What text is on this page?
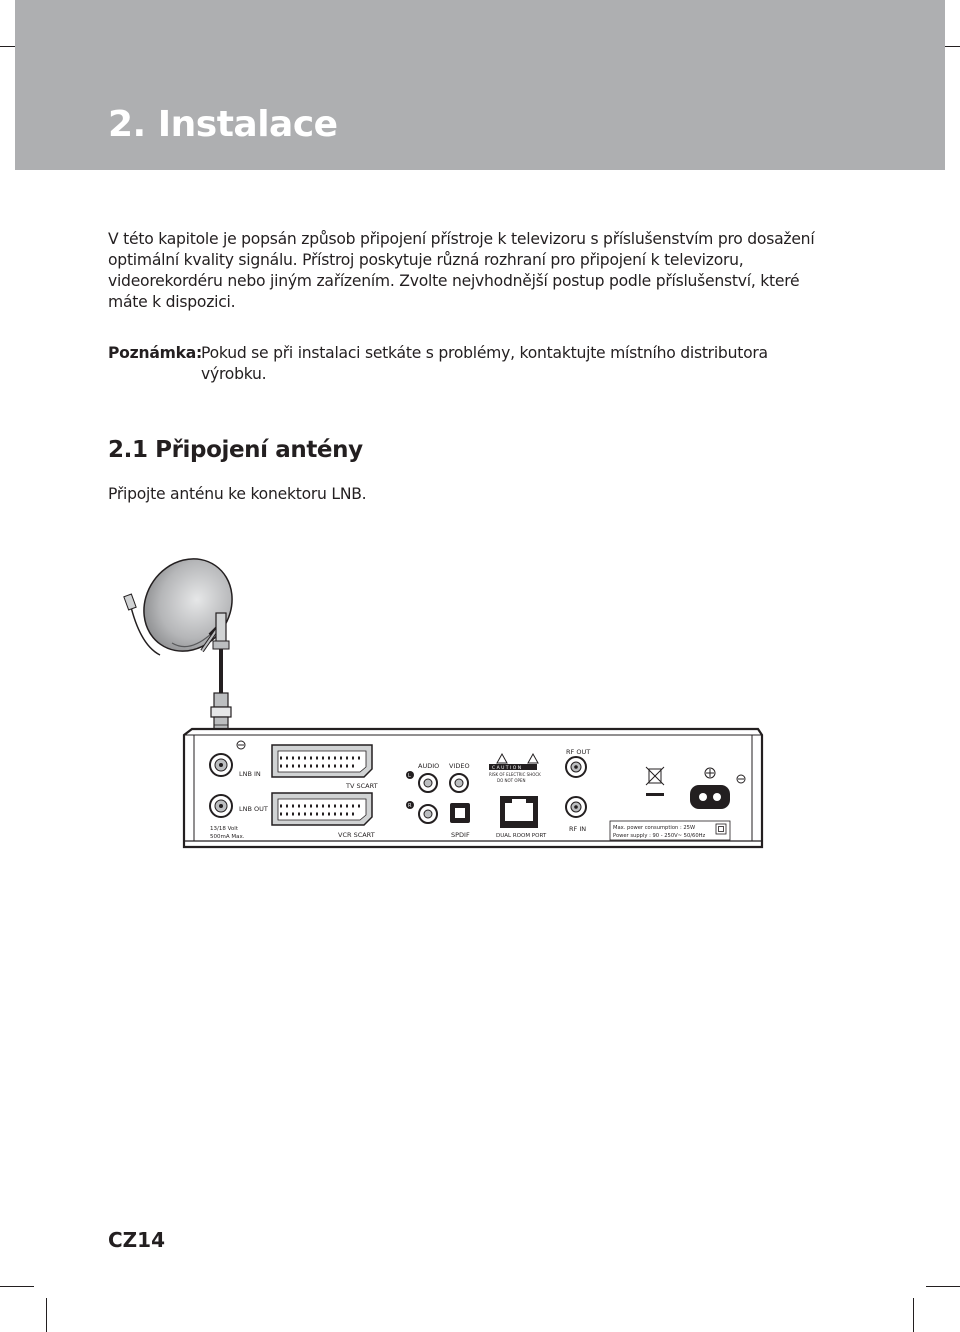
2. Instalace

V této kapitole je popsán způsob připojení přístroje k televizoru s příslušenstvím pro dosažení optimální kvality signálu. Přístroj poskytuje různá rozhraní pro připojení k televizoru, videorekordéru nebo jiným zařízením. Zvolte nejvhodnější postup podle příslušenství, které máte k dispozici.

Poznámka: Pokud se při instalaci setkáte s problémy, kontaktujte místního distributora výrobku.
2.1 Připojení antény

Připojte anténu ke konektoru LNB.

LNB IN
LNB OUT
13/18 Volt
500mA Max.
TV SCART
VCR SCART
AUDIO VIDEO
L
R
SPDIF
C A U T I O N
RISK OF ELECTRIC SHOCK
DO NOT OPEN
DUAL ROOM PORT
RF OUT
RF IN	Max. power consumption : 25W
Power supply : 90 - 250V~ 50/60Hz
CZ14
